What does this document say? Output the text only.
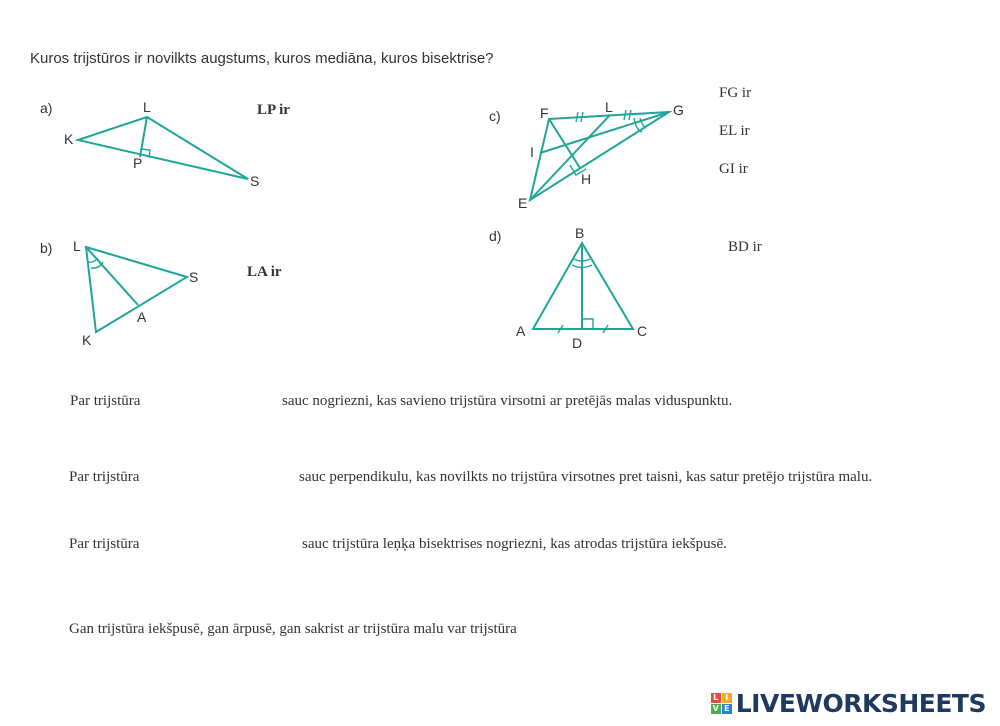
Kuros trijstūros ir novilkts augstums, kuros mediāna, kuros bisektrise?
a)
K
L
P
S
LP ir
b) L
S
A
K
LA ir
c)	F	L	G
I
H
E
FG ir
EL ir
GI ir
d)	B
A
D
C
BD ir
Par trijstūra	sauc nogriezni, kas savieno trijstūra virsotni ar pretējās malas viduspunktu.
Par trijstūra	sauc perpendikulu, kas novilkts no trijstūra virsotnes pret taisni, kas satur pretējo trijstūra malu.
Par trijstūra	sauc trijstūra leņķa bisektrises nogriezni, kas atrodas trijstūra iekšpusē.
Gan trijstūra iekšpusē, gan ārpusē, gan sakrist ar trijstūra malu var trijstūra
L I
V E LIVEWORKSHEETS
